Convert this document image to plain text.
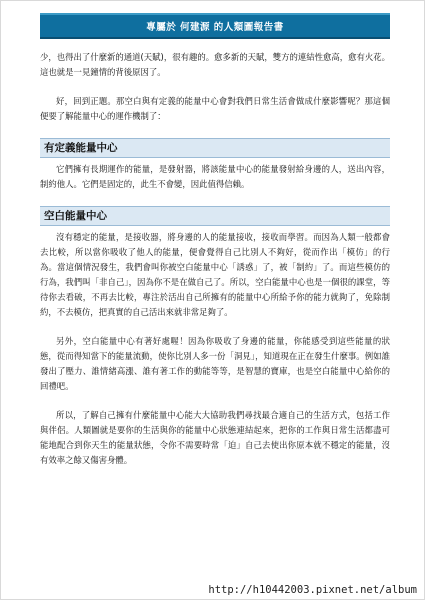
專屬於 何建源 的人類圖報告書

少，也得出了什麼新的通道(天賦)，很有趣的。愈多新的天賦，雙方的連結性愈高，愈有火花。這也就是一見鐘情的背後原因了。

好，回到正題。那空白與有定義的能量中心會對我們日常生活會做成什麼影響呢？那這個便要了解能量中心的運作機制了：

有定義能量中心

它們擁有長期運作的能量，是發射器，將該能量中心的能量發射給身邊的人，送出內容，制約他人。它們是固定的，此生不會變，因此值得信賴。

空白能量中心

沒有穩定的能量，是接收器，將身邊的人的能量接收，接收而學習。而因為人類一般都會去比較，所以當你吸收了他人的能量，便會覺得自己比別人不夠好，從而作出「模仿」的行為。當這個情況發生，我們會叫你被空白能量中心「誘惑」了，被「制約」了。而這些模仿的行為，我們叫「非自己」，因為你不是在做自己了。所以，空白能量中心也是一個很的課堂，等待你去看破，不再去比較，專注於活出自己所擁有的能量中心所給予你的能力就夠了，免除制約，不去模仿，把真實的自己活出來就非常足夠了。

另外，空白能量中心有著好處喔！因為你吸收了身邊的能量，你能感受到這些能量的狀態，從而得知當下的能量流動，使你比別人多一份「洞見」，知道現在正在發生什麼事。例如誰發出了壓力、誰情緒高漲、誰有著工作的動能等等，是智慧的寶庫，也是空白能量中心給你的回禮吧。

所以，了解自己擁有什麼能量中心能大大協助我們尋找最合適自己的生活方式，包括工作與伴侶。人類圖就是要你的生活與你的能量中心狀態連結起來，把你的工作與日常生活都盡可能地配合到你天生的能量狀態，令你不需要時常「迫」自己去使出你原本就不穩定的能量，沒有效率之餘又傷害身體。

http://h10442003.pixnet.net/album
